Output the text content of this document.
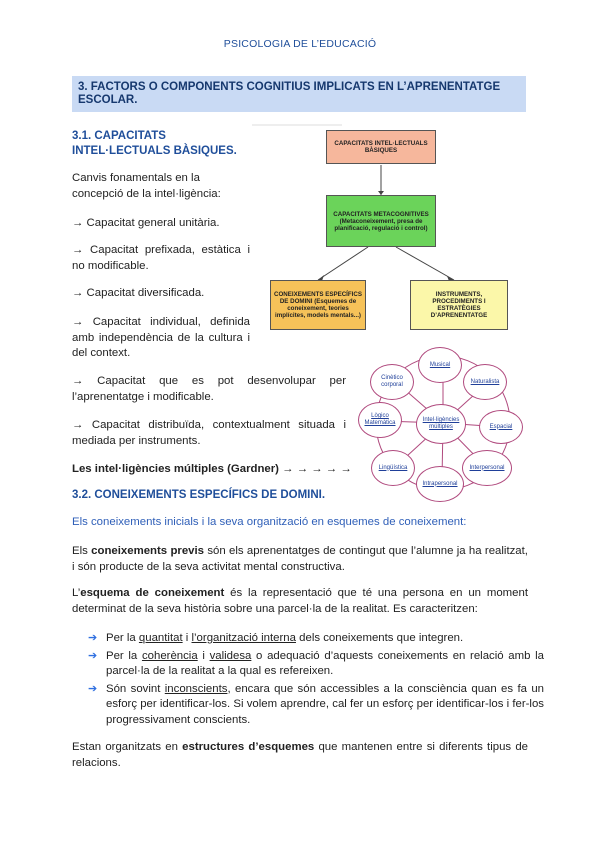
PSICOLOGIA DE L’EDUCACIÓ
3. FACTORS O COMPONENTS COGNITIUS IMPLICATS EN L’APRENENTATGE ESCOLAR.
3.1. CAPACITATS
INTEL·LECTUALS BÀSIQUES.
Canvis fonamentals en la
concepció de la intel·ligència:
→ Capacitat general unitària.
→ Capacitat prefixada, estàtica i no modificable.
→ Capacitat diversificada.
→ Capacitat individual, definida amb independència de la cultura i del context.
→ Capacitat que es pot desenvolupar per l’aprenentatge i modificable.
→ Capacitat distribuïda, contextualment situada i mediada per instruments.
Les intel·ligències múltiples (Gardner) → → → → →
CAPACITATS INTEL·LECTUALS BÀSIQUES
CAPACITATS METACOGNITIVES (Metaconeixement, presa de planificació, regulació i control)
CONEIXEMENTS ESPECÍFICS DE DOMINI (Esquemes de coneixement, teories implícites, models mentals...)
INSTRUMENTS, PROCEDIMENTS I ESTRATÈGIES D’APRENENTATGE
Musical
Naturalista
Espacial
Interpersonal
Intrapersonal
Lingüística
Lògico
Matemàtica
Cinètico
corporal
Intel·ligències
múltiples
3.2. CONEIXEMENTS ESPECÍFICS DE DOMINI.
Els coneixements inicials i la seva organització en esquemes de coneixement:
Els coneixements previs són els aprenentatges de contingut que l’alumne ja ha realitzat, i són producte de la seva activitat mental constructiva.
L’esquema de coneixement és la representació que té una persona en un moment determinat de la seva història sobre una parcel·la de la realitat. Es caracteritzen:
➔ Per la quantitat i l’organització interna dels coneixements que integren.
➔ Per la coherència i validesa o adequació d’aquests coneixements en relació amb la parcel·la de la realitat a la qual es refereixen.
➔ Són sovint inconscients, encara que són accessibles a la consciència quan es fa un esforç per identificar-los. Si volem aprendre, cal fer un esforç per identificar-los i fer-los progressivament conscients.
Estan organitzats en estructures d’esquemes que mantenen entre si diferents tipus de relacions.
